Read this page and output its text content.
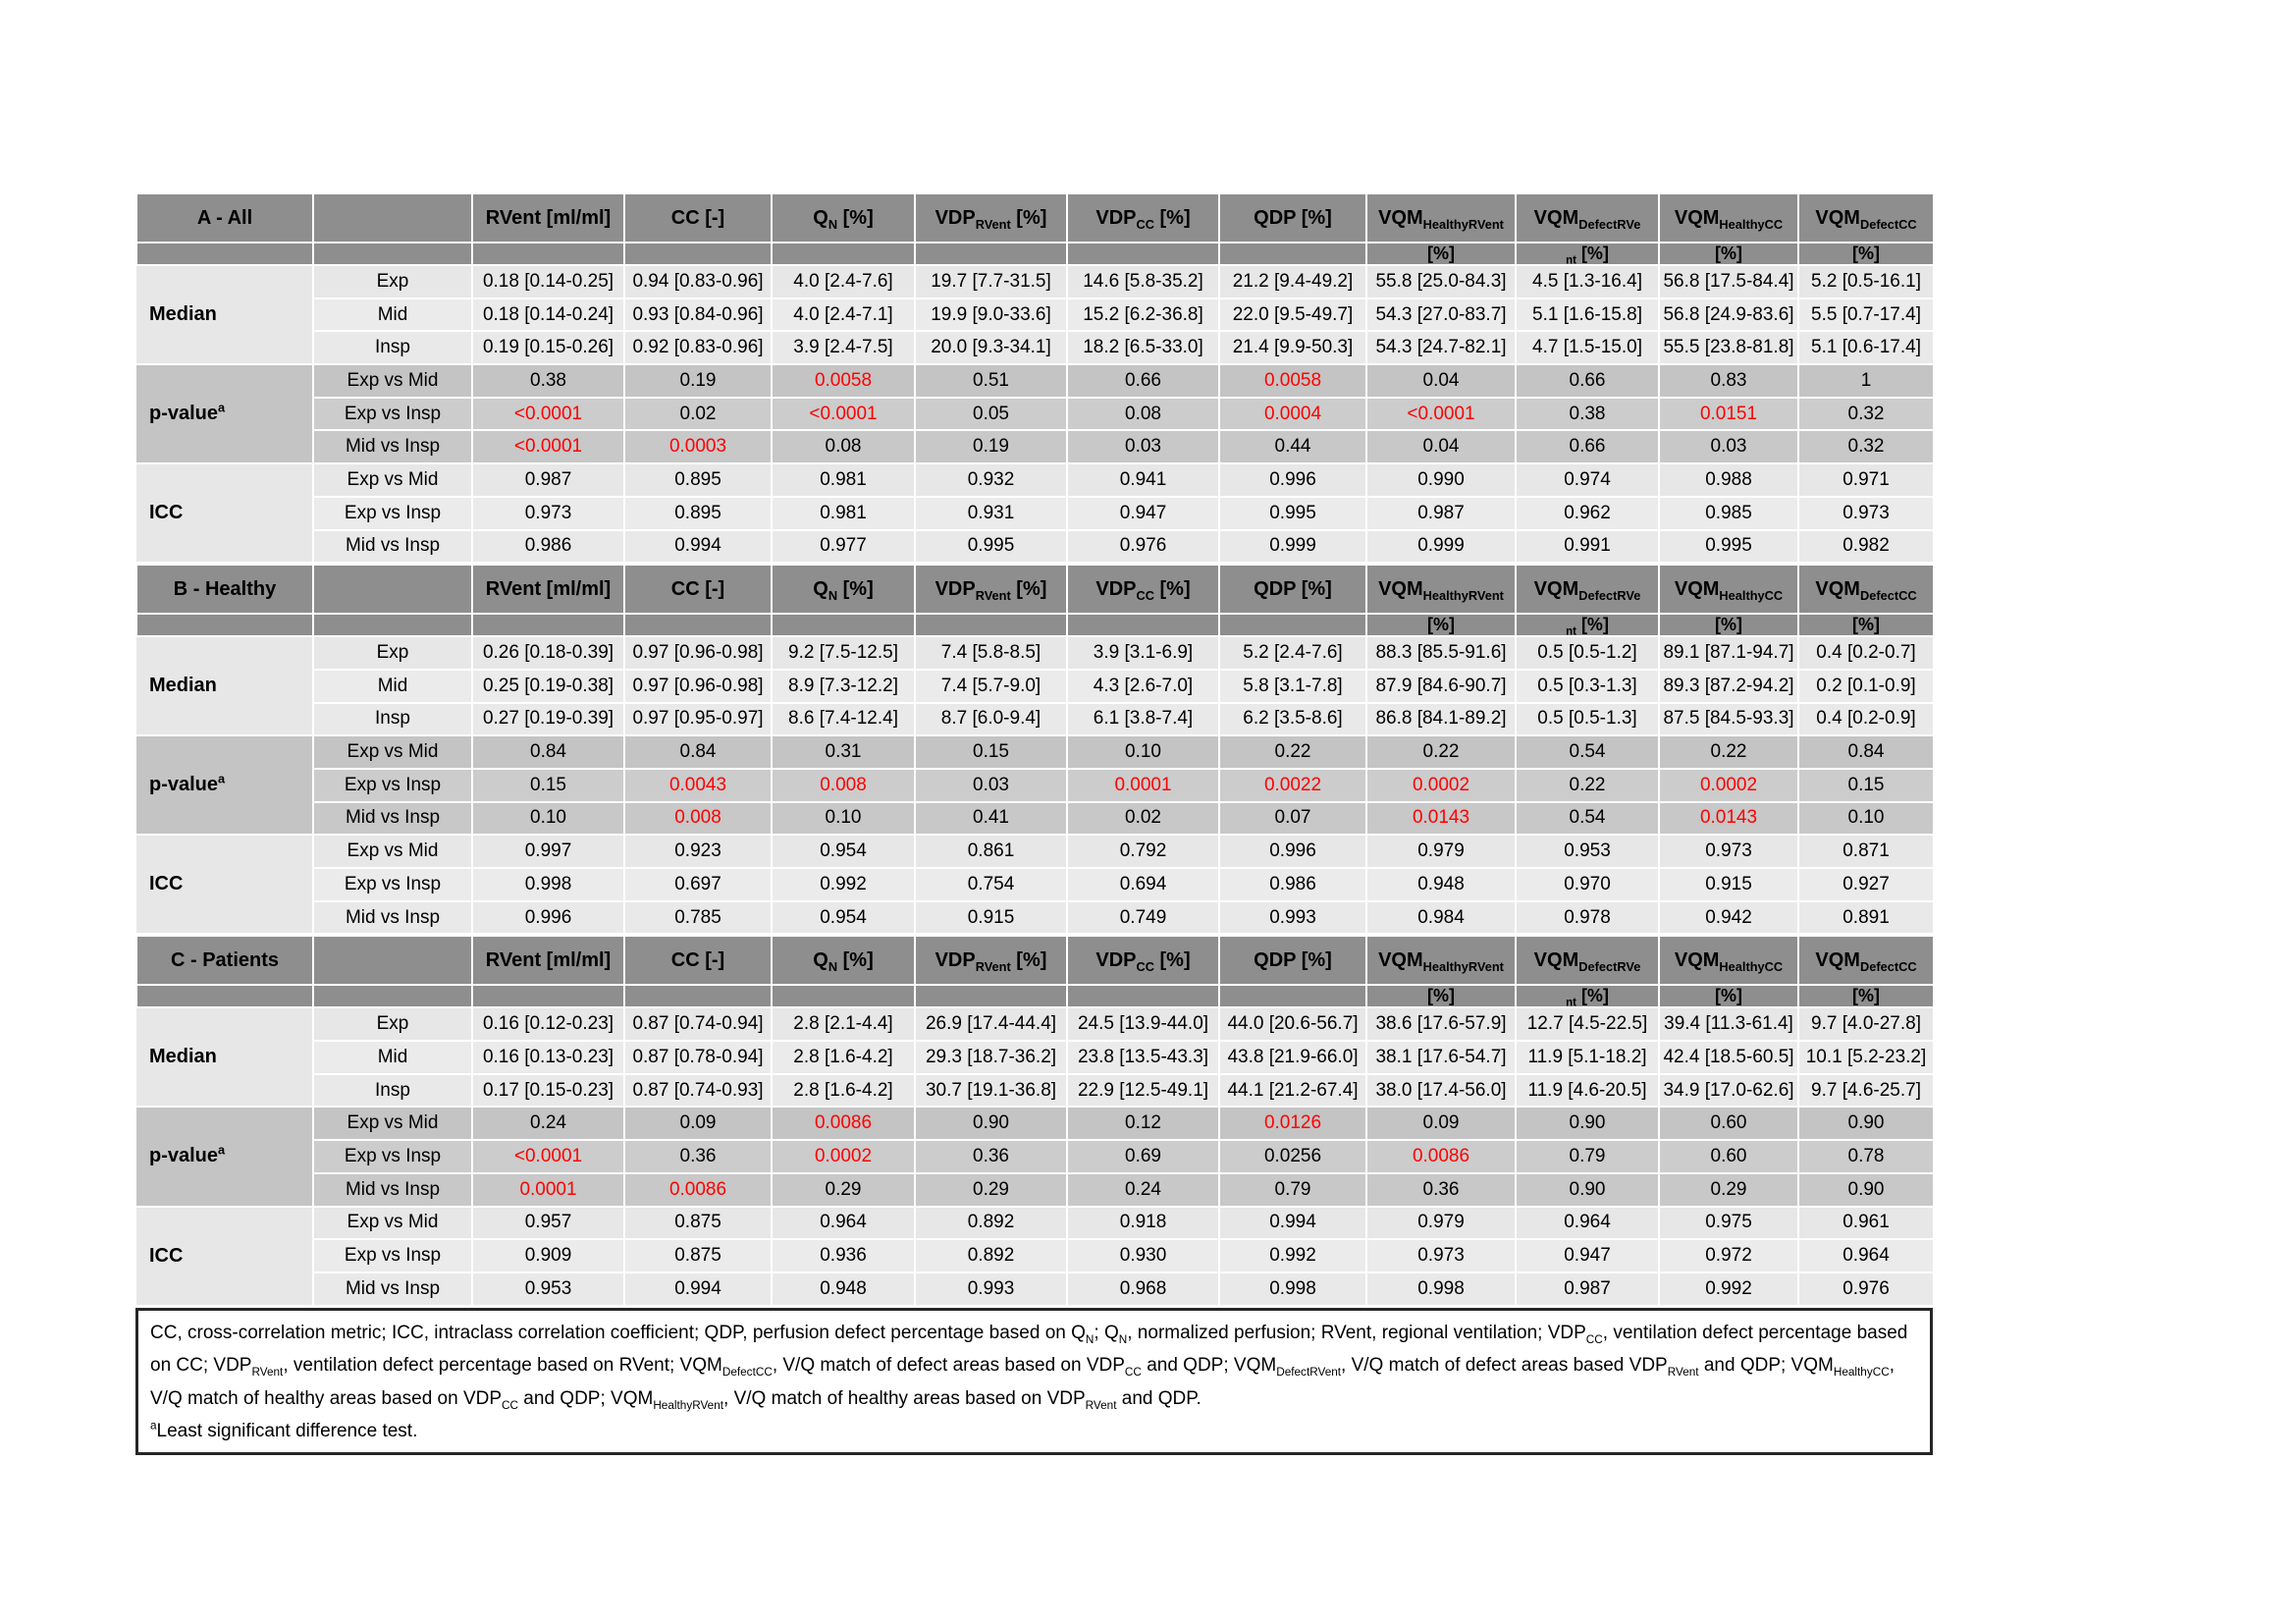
A - All		RVent [ml/ml]	CC [-]	$Q_N$ [%]	$VDP_{RVent}$ [%]	$VDP_{CC}$ [%]	QDP [%]	$VQM_{HealthyRVent}$	$VQM_{DefectRVe}$	$VQM_{HealthyCC}$	$VQM_{DefectCC}$
								[%]	$_{nt}$ [%]	[%]	[%]
Median	Exp	0.18 [0.14-0.25]	0.94 [0.83-0.96]	4.0 [2.4-7.6]	19.7 [7.7-31.5]	14.6 [5.8-35.2]	21.2 [9.4-49.2]	55.8 [25.0-84.3]	4.5 [1.3-16.4]	56.8 [17.5-84.4]	5.2 [0.5-16.1]
	Mid	0.18 [0.14-0.24]	0.93 [0.84-0.96]	4.0 [2.4-7.1]	19.9 [9.0-33.6]	15.2 [6.2-36.8]	22.0 [9.5-49.7]	54.3 [27.0-83.7]	5.1 [1.6-15.8]	56.8 [24.9-83.6]	5.5 [0.7-17.4]
	Insp	0.19 [0.15-0.26]	0.92 [0.83-0.96]	3.9 [2.4-7.5]	20.0 [9.3-34.1]	18.2 [6.5-33.0]	21.4 [9.9-50.3]	54.3 [24.7-82.1]	4.7 [1.5-15.0]	55.5 [23.8-81.8]	5.1 [0.6-17.4]
p-value$^a$	Exp vs Mid	0.38	0.19	0.0058	0.51	0.66	0.0058	0.04	0.66	0.83	1
	Exp vs Insp	<0.0001	0.02	<0.0001	0.05	0.08	0.0004	<0.0001	0.38	0.0151	0.32
	Mid vs Insp	<0.0001	0.0003	0.08	0.19	0.03	0.44	0.04	0.66	0.03	0.32
ICC	Exp vs Mid	0.987	0.895	0.981	0.932	0.941	0.996	0.990	0.974	0.988	0.971
	Exp vs Insp	0.973	0.895	0.981	0.931	0.947	0.995	0.987	0.962	0.985	0.973
	Mid vs Insp	0.986	0.994	0.977	0.995	0.976	0.999	0.999	0.991	0.995	0.982
B - Healthy		RVent [ml/ml]	CC [-]	$Q_N$ [%]	$VDP_{RVent}$ [%]	$VDP_{CC}$ [%]	QDP [%]	$VQM_{HealthyRVent}$	$VQM_{DefectRVe}$	$VQM_{HealthyCC}$	$VQM_{DefectCC}$
								[%]	$_{nt}$ [%]	[%]	[%]
Median	Exp	0.26 [0.18-0.39]	0.97 [0.96-0.98]	9.2 [7.5-12.5]	7.4 [5.8-8.5]	3.9 [3.1-6.9]	5.2 [2.4-7.6]	88.3 [85.5-91.6]	0.5 [0.5-1.2]	89.1 [87.1-94.7]	0.4 [0.2-0.7]
	Mid	0.25 [0.19-0.38]	0.97 [0.96-0.98]	8.9 [7.3-12.2]	7.4 [5.7-9.0]	4.3 [2.6-7.0]	5.8 [3.1-7.8]	87.9 [84.6-90.7]	0.5 [0.3-1.3]	89.3 [87.2-94.2]	0.2 [0.1-0.9]
	Insp	0.27 [0.19-0.39]	0.97 [0.95-0.97]	8.6 [7.4-12.4]	8.7 [6.0-9.4]	6.1 [3.8-7.4]	6.2 [3.5-8.6]	86.8 [84.1-89.2]	0.5 [0.5-1.3]	87.5 [84.5-93.3]	0.4 [0.2-0.9]
p-value$^a$	Exp vs Mid	0.84	0.84	0.31	0.15	0.10	0.22	0.22	0.54	0.22	0.84
	Exp vs Insp	0.15	0.0043	0.008	0.03	0.0001	0.0022	0.0002	0.22	0.0002	0.15
	Mid vs Insp	0.10	0.008	0.10	0.41	0.02	0.07	0.0143	0.54	0.0143	0.10
ICC	Exp vs Mid	0.997	0.923	0.954	0.861	0.792	0.996	0.979	0.953	0.973	0.871
	Exp vs Insp	0.998	0.697	0.992	0.754	0.694	0.986	0.948	0.970	0.915	0.927
	Mid vs Insp	0.996	0.785	0.954	0.915	0.749	0.993	0.984	0.978	0.942	0.891
C - Patients		RVent [ml/ml]	CC [-]	$Q_N$ [%]	$VDP_{RVent}$ [%]	$VDP_{CC}$ [%]	QDP [%]	$VQM_{HealthyRVent}$	$VQM_{DefectRVe}$	$VQM_{HealthyCC}$	$VQM_{DefectCC}$
								[%]	$_{nt}$ [%]	[%]	[%]
Median	Exp	0.16 [0.12-0.23]	0.87 [0.74-0.94]	2.8 [2.1-4.4]	26.9 [17.4-44.4]	24.5 [13.9-44.0]	44.0 [20.6-56.7]	38.6 [17.6-57.9]	12.7 [4.5-22.5]	39.4 [11.3-61.4]	9.7 [4.0-27.8]
	Mid	0.16 [0.13-0.23]	0.87 [0.78-0.94]	2.8 [1.6-4.2]	29.3 [18.7-36.2]	23.8 [13.5-43.3]	43.8 [21.9-66.0]	38.1 [17.6-54.7]	11.9 [5.1-18.2]	42.4 [18.5-60.5]	10.1 [5.2-23.2]
	Insp	0.17 [0.15-0.23]	0.87 [0.74-0.93]	2.8 [1.6-4.2]	30.7 [19.1-36.8]	22.9 [12.5-49.1]	44.1 [21.2-67.4]	38.0 [17.4-56.0]	11.9 [4.6-20.5]	34.9 [17.0-62.6]	9.7 [4.6-25.7]
p-value$^a$	Exp vs Mid	0.24	0.09	0.0086	0.90	0.12	0.0126	0.09	0.90	0.60	0.90
	Exp vs Insp	<0.0001	0.36	0.0002	0.36	0.69	0.0256	0.0086	0.79	0.60	0.78
	Mid vs Insp	0.0001	0.0086	0.29	0.29	0.24	0.79	0.36	0.90	0.29	0.90
ICC	Exp vs Mid	0.957	0.875	0.964	0.892	0.918	0.994	0.979	0.964	0.975	0.961
	Exp vs Insp	0.909	0.875	0.936	0.892	0.930	0.992	0.973	0.947	0.972	0.964
	Mid vs Insp	0.953	0.994	0.948	0.993	0.968	0.998	0.998	0.987	0.992	0.976

CC, cross-correlation metric; ICC, intraclass correlation coefficient; QDP, perfusion defect percentage based on $Q_N$; $Q_N$, normalized perfusion; RVent, regional ventilation; $VDP_{CC}$, ventilation defect percentage based on CC; $VDP_{RVent}$, ventilation defect percentage based on RVent; $VQM_{DefectCC}$, V/Q match of defect areas based on $VDP_{CC}$ and QDP; $VQM_{DefectRVent}$, V/Q match of defect areas based $VDP_{RVent}$ and QDP; $VQM_{HealthyCC}$, V/Q match of healthy areas based on $VDP_{CC}$ and QDP; $VQM_{HealthyRVent}$, V/Q match of healthy areas based on $VDP_{RVent}$ and QDP.

$^a$Least significant difference test.
